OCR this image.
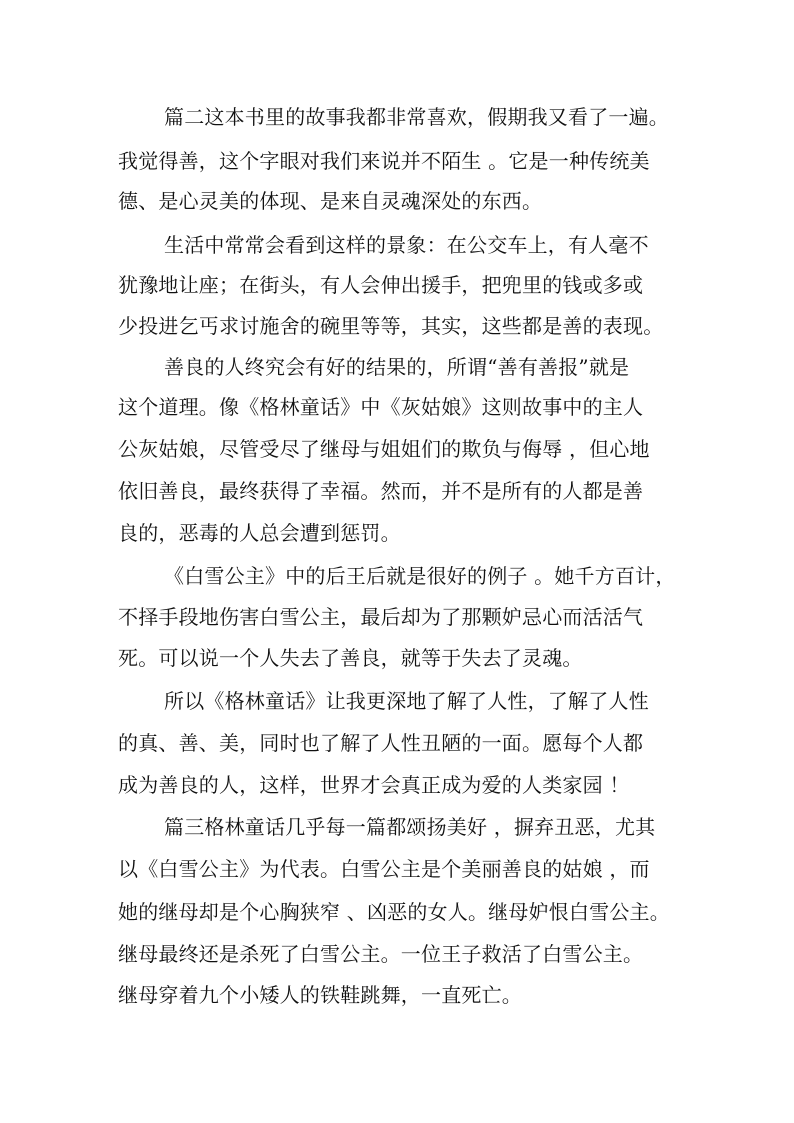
篇二这本书里的故事我都非常喜欢，假期我又看了一遍。
我觉得善，这个字眼对我们来说并不陌生 。它是一种传统美
德、是心灵美的体现、是来自灵魂深处的东西。
生活中常常会看到这样的景象：在公交车上，有人毫不
犹豫地让座；在街头，有人会伸出援手，把兜里的钱或多或
少投进乞丐求讨施舍的碗里等等，其实，这些都是善的表现。
善良的人终究会有好的结果的，所谓“善有善报”就是
这个道理。像《格林童话》中《灰姑娘》这则故事中的主人
公灰姑娘，尽管受尽了继母与姐姐们的欺负与侮辱 ，但心地
依旧善良，最终获得了幸福。然而，并不是所有的人都是善
良的，恶毒的人总会遭到惩罚。
《白雪公主》中的后王后就是很好的例子 。她千方百计，
不择手段地伤害白雪公主，最后却为了那颗妒忌心而活活气
死。可以说一个人失去了善良，就等于失去了灵魂。
所以《格林童话》让我更深地了解了人性，了解了人性
的真、善、美，同时也了解了人性丑陋的一面。愿每个人都
成为善良的人，这样，世界才会真正成为爱的人类家园 ！
篇三格林童话几乎每一篇都颂扬美好 ，摒弃丑恶，尤其
以《白雪公主》为代表。白雪公主是个美丽善良的姑娘 ，而
她的继母却是个心胸狭窄 、凶恶的女人。继母妒恨白雪公主。
继母最终还是杀死了白雪公主。一位王子救活了白雪公主。
继母穿着九个小矮人的铁鞋跳舞，一直死亡。
